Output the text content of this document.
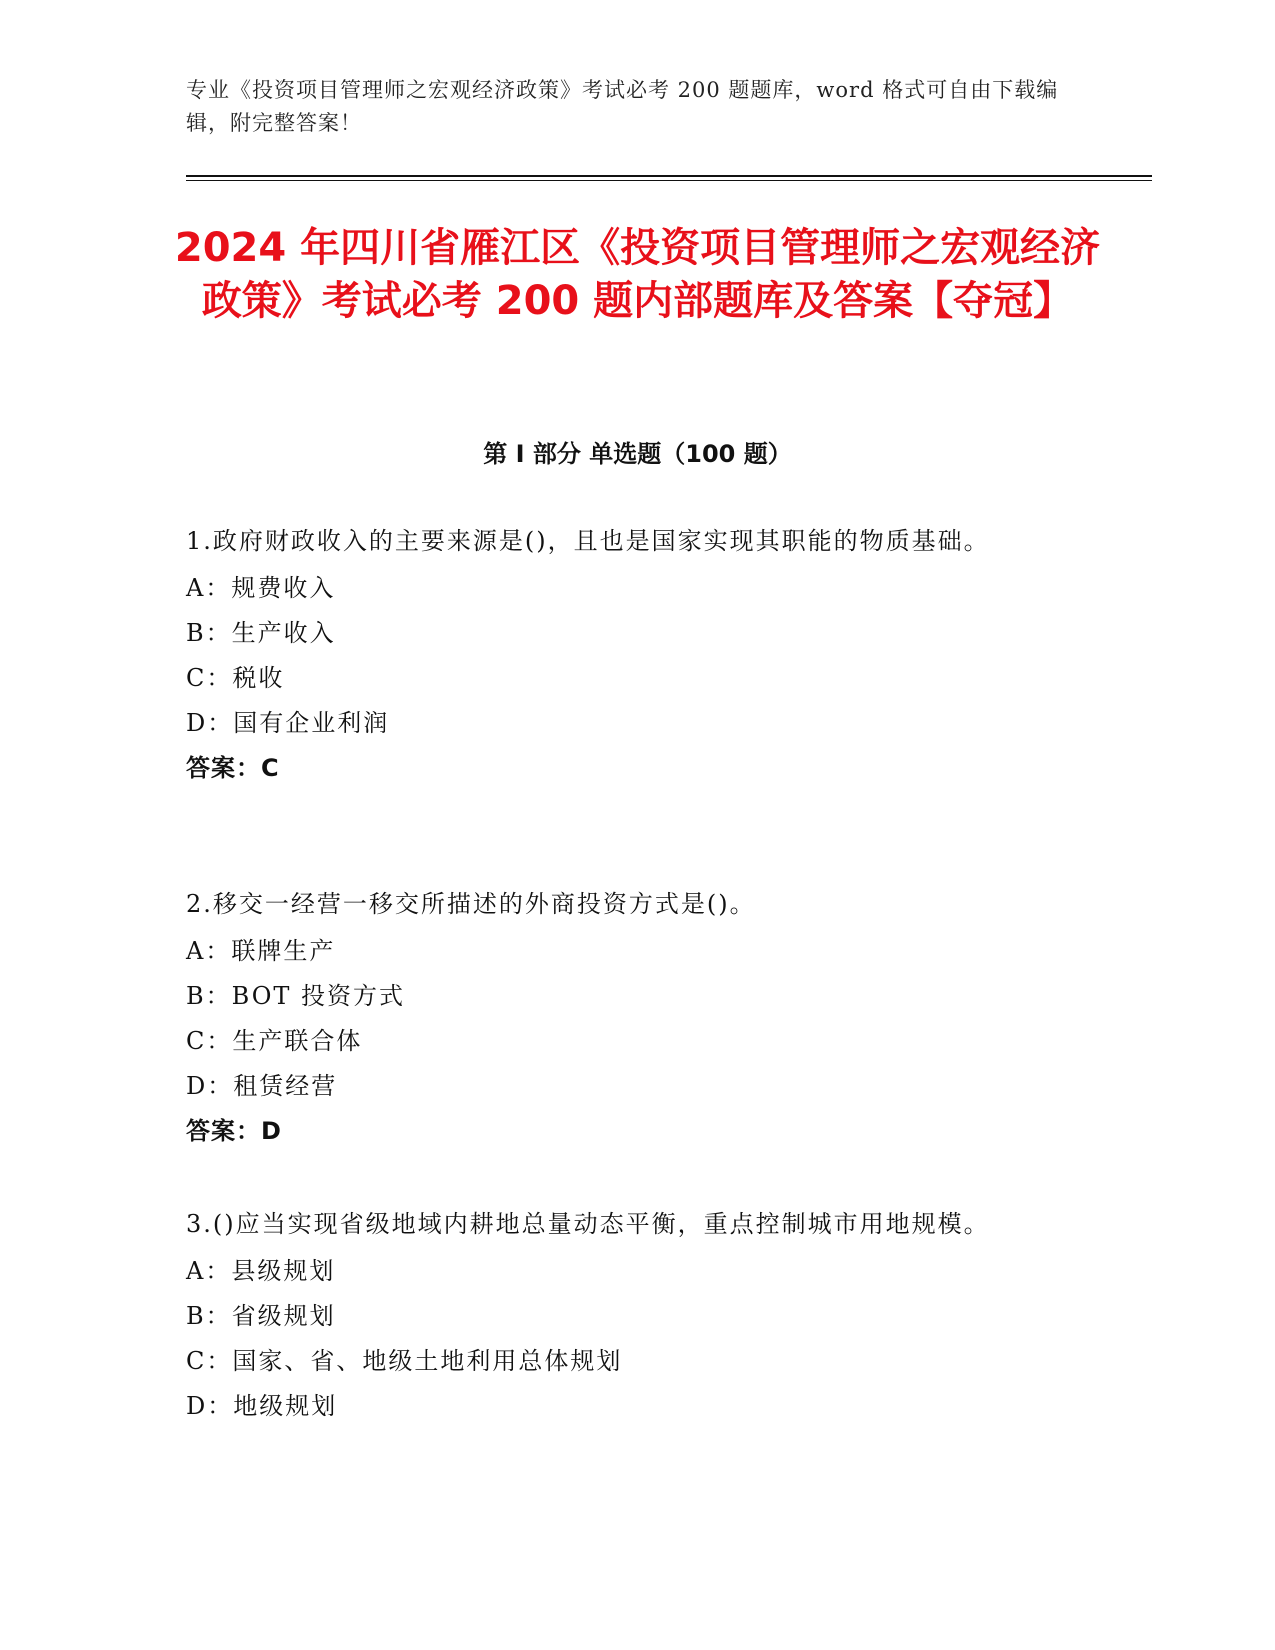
专业《投资项目管理师之宏观经济政策》考试必考 200 题题库，word 格式可自由下载编辑，附完整答案！
2024 年四川省雁江区《投资项目管理师之宏观经济政策》考试必考 200 题内部题库及答案【夺冠】
第 I 部分 单选题（100 题）
1.政府财政收入的主要来源是()，且也是国家实现其职能的物质基础。
A：规费收入
B：生产收入
C：税收
D：国有企业利润
答案：C
2.移交一经营一移交所描述的外商投资方式是()。
A：联牌生产
B：BOT 投资方式
C：生产联合体
D：租赁经营
答案：D
3.()应当实现省级地域内耕地总量动态平衡，重点控制城市用地规模。
A：县级规划
B：省级规划
C：国家、省、地级土地利用总体规划
D：地级规划
